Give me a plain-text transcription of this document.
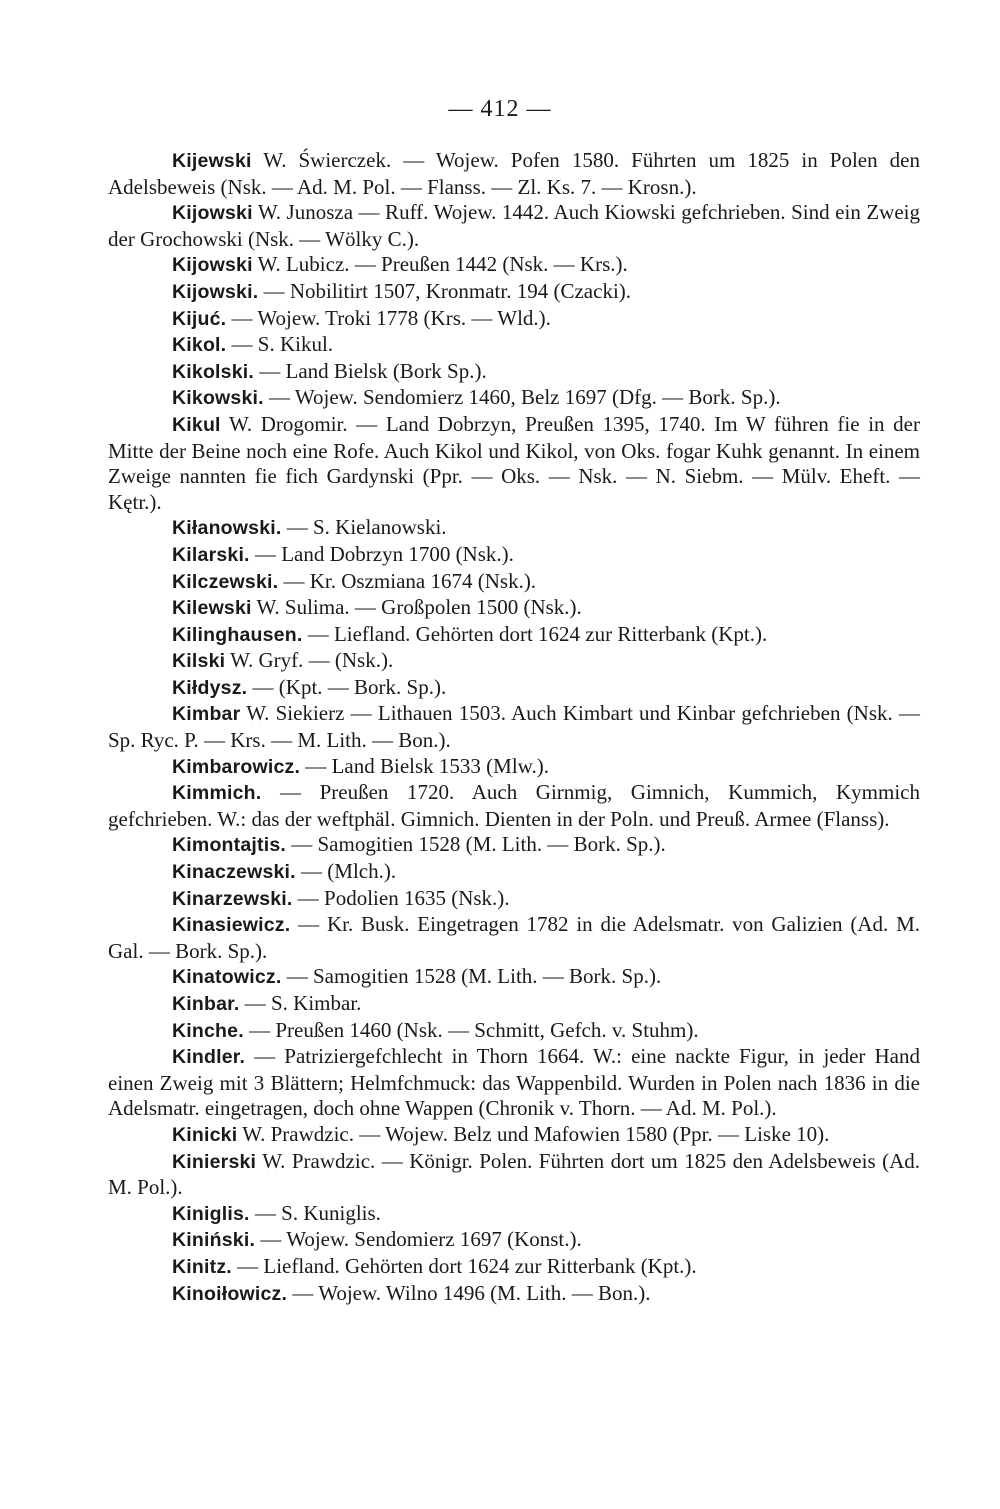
— 412 —

Kijewski W. Świerczek. — Wojew. Pofen 1580. Führten um 1825 in Polen den Adelsbeweis (Nsk. — Ad. M. Pol. — Flanss. — Zl. Ks. 7. — Krosn.).

Kijowski W. Junosza — Ruff. Wojew. 1442. Auch Kiowski gefchrieben. Sind ein Zweig der Grochowski (Nsk. — Wölky C.).

Kijowski W. Lubicz. — Preußen 1442 (Nsk. — Krs.).

Kijowski. — Nobilitirt 1507, Kronmatr. 194 (Czacki).

Kijuć. — Wojew. Troki 1778 (Krs. — Wld.).

Kikol. — S. Kikul.

Kikolski. — Land Bielsk (Bork Sp.).

Kikowski. — Wojew. Sendomierz 1460, Belz 1697 (Dfg. — Bork. Sp.).

Kikul W. Drogomir. — Land Dobrzyn, Preußen 1395, 1740. Im W führen fie in der Mitte der Beine noch eine Rofe. Auch Kikol und Kikol, von Oks. fogar Kuhk genannt. In einem Zweige nannten fie fich Gardynski (Ppr. — Oks. — Nsk. — N. Siebm. — Mülv. Eheft. — Kętr.).

Kiłanowski. — S. Kielanowski.

Kilarski. — Land Dobrzyn 1700 (Nsk.).

Kilczewski. — Kr. Oszmiana 1674 (Nsk.).

Kilewski W. Sulima. — Großpolen 1500 (Nsk.).

Kilinghausen. — Liefland. Gehörten dort 1624 zur Ritterbank (Kpt.).

Kilski W. Gryf. — (Nsk.).

Kiłdysz. — (Kpt. — Bork. Sp.).

Kimbar W. Siekierz — Lithauen 1503. Auch Kimbart und Kinbar gefchrieben (Nsk. — Sp. Ryc. P. — Krs. — M. Lith. — Bon.).

Kimbarowicz. — Land Bielsk 1533 (Mlw.).

Kimmich. — Preußen 1720. Auch Girnmig, Gimnich, Kummich, Kymmich gefchrieben. W.: das der weftphäl. Gimnich. Dienten in der Poln. und Preuß. Armee (Flanss).

Kimontajtis. — Samogitien 1528 (M. Lith. — Bork. Sp.).

Kinaczewski. — (Mlch.).

Kinarzewski. — Podolien 1635 (Nsk.).

Kinasiewicz. — Kr. Busk. Eingetragen 1782 in die Adelsmatr. von Galizien (Ad. M. Gal. — Bork. Sp.).

Kinatowicz. — Samogitien 1528 (M. Lith. — Bork. Sp.).

Kinbar. — S. Kimbar.

Kinche. — Preußen 1460 (Nsk. — Schmitt, Gefch. v. Stuhm).

Kindler. — Patriziergefchlecht in Thorn 1664. W.: eine nackte Figur, in jeder Hand einen Zweig mit 3 Blättern; Helmfchmuck: das Wappenbild. Wurden in Polen nach 1836 in die Adelsmatr. eingetragen, doch ohne Wappen (Chronik v. Thorn. — Ad. M. Pol.).

Kinicki W. Prawdzic. — Wojew. Belz und Mafowien 1580 (Ppr. — Liske 10).

Kinierski W. Prawdzic. — Königr. Polen. Führten dort um 1825 den Adelsbeweis (Ad. M. Pol.).

Kiniglis. — S. Kuniglis.

Kiniński. — Wojew. Sendomierz 1697 (Konst.).

Kinitz. — Liefland. Gehörten dort 1624 zur Ritterbank (Kpt.).

Kinoiłowicz. — Wojew. Wilno 1496 (M. Lith. — Bon.).
